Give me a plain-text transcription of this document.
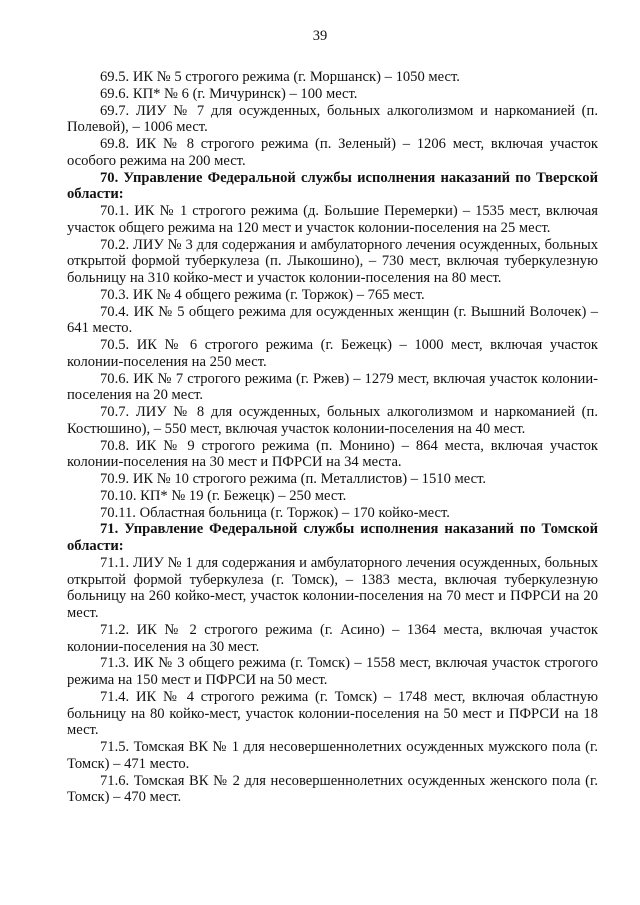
39

69.5. ИК № 5 строгого режима (г. Моршанск) – 1050 мест.

69.6. КП* № 6 (г. Мичуринск) – 100 мест.

69.7. ЛИУ № 7 для осужденных, больных алкоголизмом и наркоманией (п. Полевой), – 1006 мест.

69.8. ИК № 8 строгого режима (п. Зеленый) – 1206 мест, включая участок особого режима на 200 мест.

70. Управление Федеральной службы исполнения наказаний по Тверской области:

70.1. ИК № 1 строгого режима (д. Большие Перемерки) – 1535 мест, включая участок общего режима на 120 мест и участок колонии-поселения на 25 мест.

70.2. ЛИУ № 3 для содержания и амбулаторного лечения осужденных, больных открытой формой туберкулеза (п. Лыкошино), – 730 мест, включая туберкулезную больницу на 310 койко-мест и участок колонии-поселения на 80 мест.

70.3. ИК № 4 общего режима (г. Торжок) – 765 мест.

70.4. ИК № 5 общего режима для осужденных женщин (г. Вышний Волочек) – 641 место.

70.5. ИК № 6 строгого режима (г. Бежецк) – 1000 мест, включая участок колонии-поселения на 250 мест.

70.6. ИК № 7 строгого режима (г. Ржев) – 1279 мест, включая участок колонии-поселения на 20 мест.

70.7. ЛИУ № 8 для осужденных, больных алкоголизмом и наркоманией (п. Костюшино), – 550 мест, включая участок колонии-поселения на 40 мест.

70.8. ИК № 9 строгого режима (п. Монино) – 864 места, включая участок колонии-поселения на 30 мест и ПФРСИ на 34 места.

70.9. ИК № 10 строгого режима (п. Металлистов) – 1510 мест.

70.10. КП* № 19 (г. Бежецк) – 250 мест.

70.11. Областная больница (г. Торжок) – 170 койко-мест.

71. Управление Федеральной службы исполнения наказаний по Томской области:

71.1. ЛИУ № 1 для содержания и амбулаторного лечения осужденных, больных открытой формой туберкулеза (г. Томск), – 1383 места, включая туберкулезную больницу на 260 койко-мест, участок колонии-поселения на 70 мест и ПФРСИ на 20 мест.

71.2. ИК № 2 строгого режима (г. Асино) – 1364 места, включая участок колонии-поселения на 30 мест.

71.3. ИК № 3 общего режима (г. Томск) – 1558 мест, включая участок строгого режима на 150 мест и ПФРСИ на 50 мест.

71.4. ИК № 4 строгого режима (г. Томск) – 1748 мест, включая областную больницу на 80 койко-мест, участок колонии-поселения на 50 мест и ПФРСИ на 18 мест.

71.5. Томская ВК № 1 для несовершеннолетних осужденных мужского пола (г. Томск) – 471 место.

71.6. Томская ВК № 2 для несовершеннолетних осужденных женского пола (г. Томск) – 470 мест.
